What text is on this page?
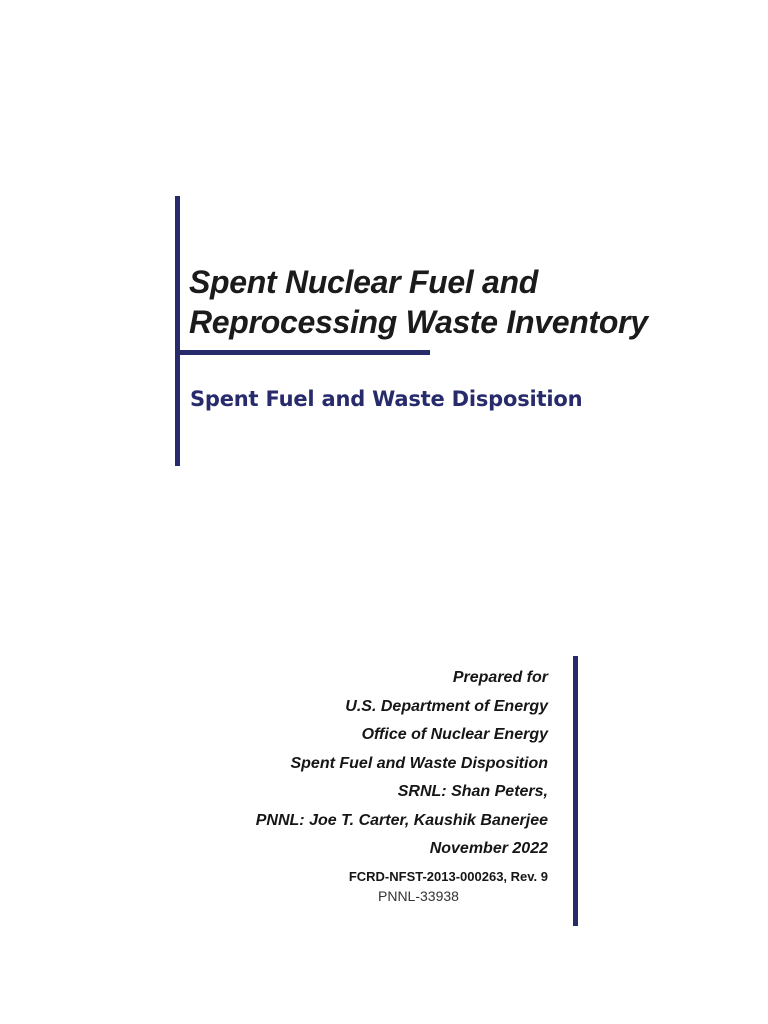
Spent Nuclear Fuel and
Reprocessing Waste Inventory
Spent Fuel and Waste Disposition
Prepared for
U.S. Department of Energy
Office of Nuclear Energy
Spent Fuel and Waste Disposition
SRNL: Shan Peters,
PNNL: Joe T. Carter, Kaushik Banerjee
November 2022
FCRD-NFST-2013-000263, Rev. 9
PNNL-33938
